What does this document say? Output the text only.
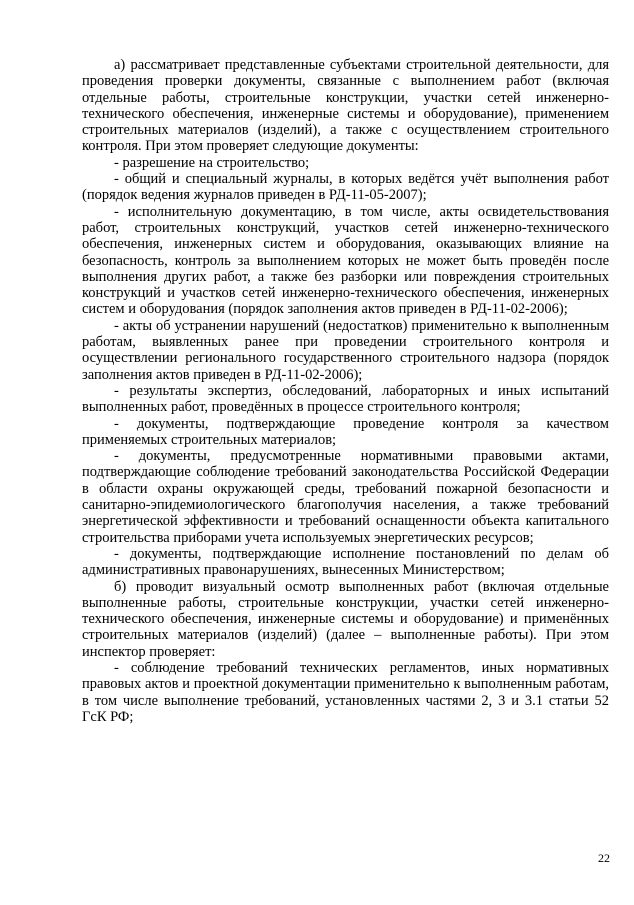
а) рассматривает представленные субъектами строительной деятельности, для проведения проверки документы, связанные с выполнением работ (включая отдельные работы, строительные конструкции, участки сетей инженерно-технического обеспечения, инженерные системы и оборудование), применением строительных материалов (изделий), а также с осуществлением строительного контроля. При этом проверяет следующие документы:

- разрешение на строительство;

- общий и специальный журналы, в которых ведётся учёт выполнения работ (порядок ведения журналов приведен в РД-11-05-2007);

- исполнительную документацию, в том числе, акты освидетельствования работ, строительных конструкций, участков сетей инженерно-технического обеспечения, инженерных систем и оборудования, оказывающих влияние на безопасность, контроль за выполнением которых не может быть проведён после выполнения других работ, а также без разборки или повреждения строительных конструкций и участков сетей инженерно-технического обеспечения, инженерных систем и оборудования (порядок заполнения актов приведен в РД-11-02-2006);

- акты об устранении нарушений (недостатков) применительно к выполненным работам, выявленных ранее при проведении строительного контроля и осуществлении регионального государственного строительного надзора (порядок заполнения актов приведен в РД-11-02-2006);

- результаты экспертиз, обследований, лабораторных и иных испытаний выполненных работ, проведённых в процессе строительного контроля;

- документы, подтверждающие проведение контроля за качеством применяемых строительных материалов;

- документы, предусмотренные нормативными правовыми актами, подтверждающие соблюдение требований законодательства Российской Федерации в области охраны окружающей среды, требований пожарной безопасности и санитарно-эпидемиологического благополучия населения, а также требований энергетической эффективности и требований оснащенности объекта капитального строительства приборами учета используемых энергетических ресурсов;

- документы, подтверждающие исполнение постановлений по делам об административных правонарушениях, вынесенных Министерством;

б) проводит визуальный осмотр выполненных работ (включая отдельные выполненные работы, строительные конструкции, участки сетей инженерно-технического обеспечения, инженерные системы и оборудование) и применённых строительных материалов (изделий) (далее – выполненные работы). При этом инспектор проверяет:

- соблюдение требований технических регламентов, иных нормативных правовых актов и проектной документации применительно к выполненным работам, в том числе выполнение требований, установленных частями 2, 3 и 3.1 статьи 52 ГсК РФ;

22
